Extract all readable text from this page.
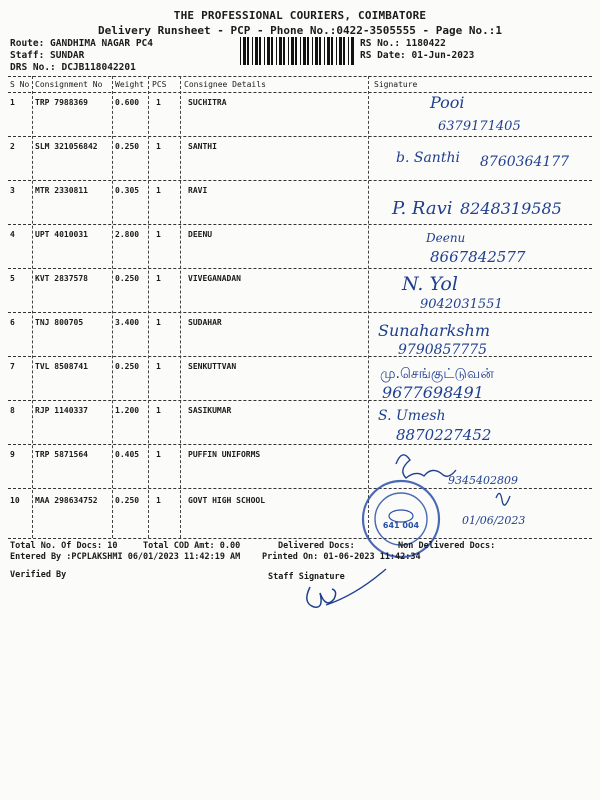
THE PROFESSIONAL COURIERS, COIMBATORE
Delivery Runsheet - PCP - Phone No.:0422-3505555 - Page No.:1
Route: GANDHIMA NAGAR PC4
Staff: SUNDAR
DRS No.: DCJB118042201
RS No.: 1180422
RS Date: 01-Jun-2023
S No Consignment No Weight PCS Consignee Details	Signature
1	TRP 7988369	0.600 1	SUCHITRA	Pooi
6379171405
2	SLM 321056842 0.250 1	SANTHI
b. Santhi 8760364177
3	MTR 2330811	0.305 1	RAVI
P. Ravi 8248319585
4	UPT 4010031	2.800 1	DEENU	Deenu
8667842577
5	KVT 2837578	0.250 1	VIVEGANADAN	N. Yol
9042031551
6	TNJ 800705	3.400 1	SUDAHAR	Sunaharkshm
9790857775
7	TVL 8508741	0.250 1	SENKUTTVAN	மு.செங்குட்டுவன்
9677698491
8	RJP 1140337	1.200 1	SASIKUMAR	S. Umesh
8870227452
9	TRP 5871564	0.405 1	PUFFIN UNIFORMS
9345402809
10 MAA 298634752 0.250 1	GOVT HIGH SCHOOL
01/06/2023
641 004
Total No. Of Docs: 10	Total COD Amt: 0.00	Delivered Docs:	Non Delivered Docs:
Entered By :PCPLAKSHMI 06/01/2023 11:42:19 AM	Printed On: 01-06-2023 11:42:34
Verified By	Staff Signature
